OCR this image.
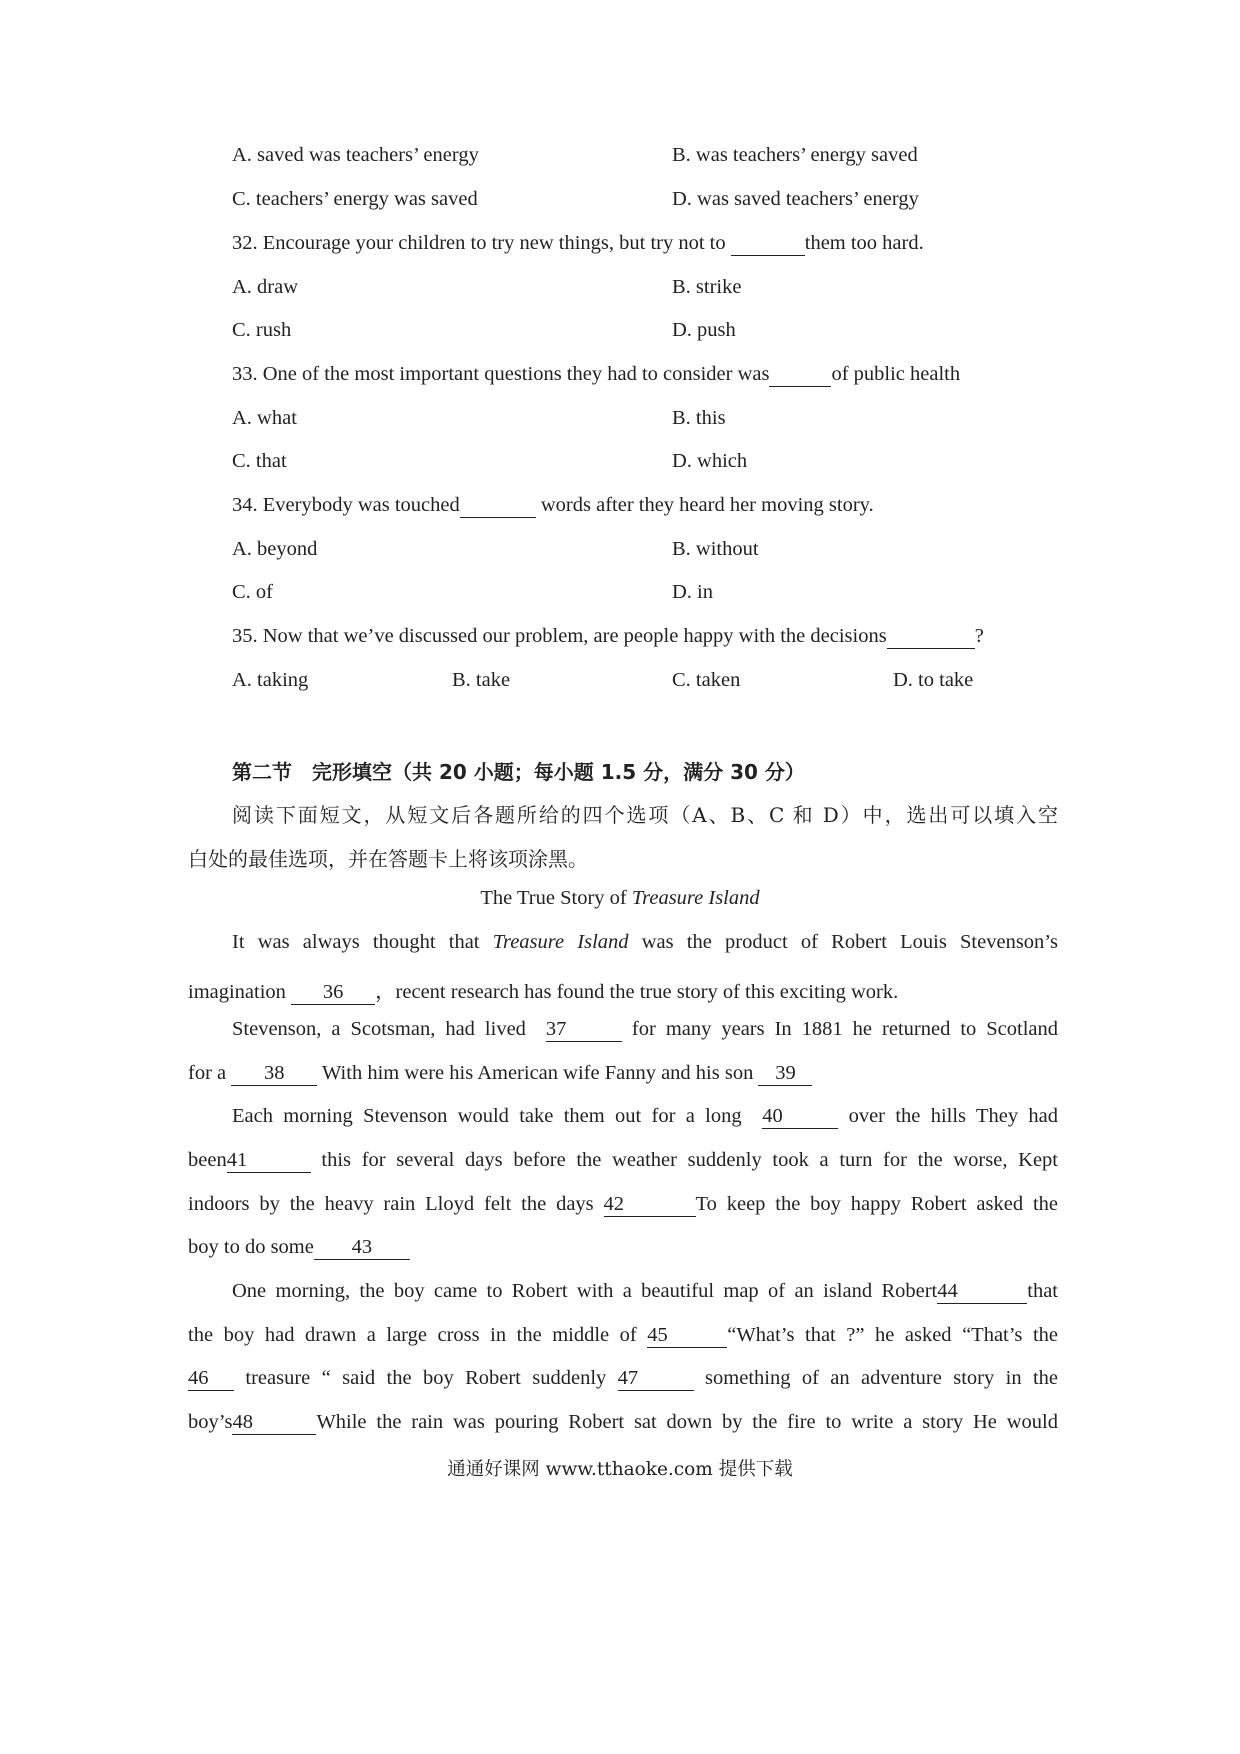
A. saved was teachers’ energy	B. was teachers’ energy saved
C. teachers’ energy was saved	D. was saved teachers’ energy
32. Encourage your children to try new things, but try not to	them too hard.
A. draw	B. strike
C. rush	D. push
33. One of the most important questions they had to consider was	of public health
A. what	B. this
C. that	D. which
34. Everybody was touched	words after they heard her moving story.
A. beyond	B. without
C. of	D. in
35. Now that we’ve discussed our problem, are people happy with the decisions	?
A. taking	B. take	C. taken	D. to take
第二节　完形填空（共 20 小题；每小题 1.5 分，满分 30 分）
阅读下面短文，从短文后各题所给的四个选项（A、B、C 和 D）中，选出可以填入空
白处的最佳选项，并在答题卡上将该项涂黑。
The True Story of Treasure Island
It was always thought that Treasure Island was the product of Robert Louis Stevenson’s
imagination 36 ，recent research has found the true story of this exciting work.
Stevenson, a Scotsman, had lived  37	for many years In 1881 he returned to Scotland
for a 38 With him were his American wife Fanny and his son 39
Each morning Stevenson would take them out for a long  40	over the hills They had
been41	this for several days before the weather suddenly took a turn for the worse, Kept
indoors by the heavy rain Lloyd felt the days 42	To keep the boy happy Robert asked the
boy to do some 43
One morning, the boy came to Robert with a beautiful map of an island Robert44	that
the boy had drawn a large cross in the middle of 45	“What’s that ?” he asked “That’s the
46 treasure “ said the boy Robert suddenly 47	something of an adventure story in the
boy’s48	While the rain was pouring Robert sat down by the fire to write a story He would
通通好课网 www.tthaoke.com 提供下载
